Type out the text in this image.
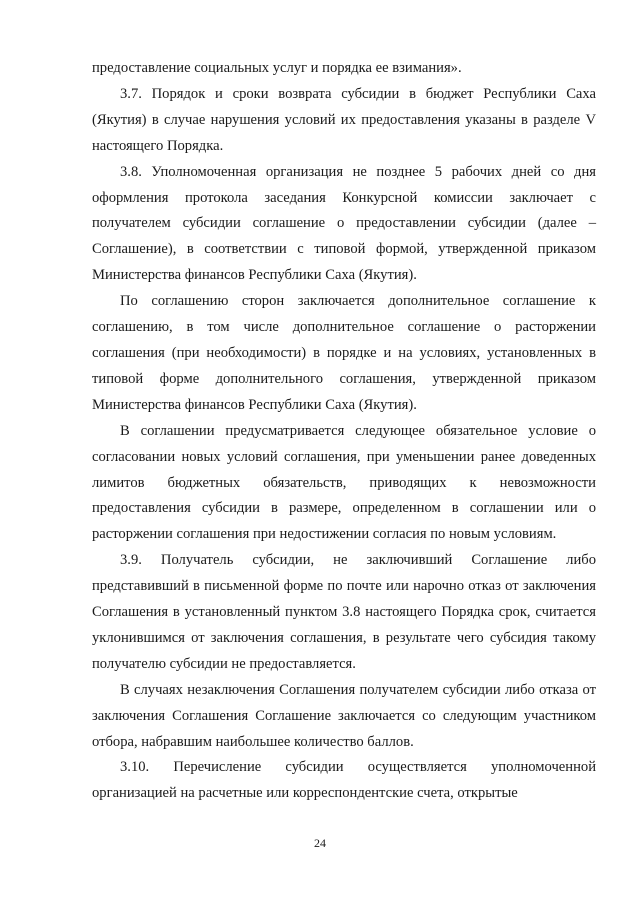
предоставление социальных услуг и порядка ее взимания».

3.7. Порядок и сроки возврата субсидии в бюджет Республики Саха (Якутия) в случае нарушения условий их предоставления указаны в разделе V настоящего Порядка.

3.8. Уполномоченная организация не позднее 5 рабочих дней со дня оформления протокола заседания Конкурсной комиссии заключает с получателем субсидии соглашение о предоставлении субсидии (далее – Соглашение), в соответствии с типовой формой, утвержденной приказом Министерства финансов Республики Саха (Якутия).

По соглашению сторон заключается дополнительное соглашение к соглашению, в том числе дополнительное соглашение о расторжении соглашения (при необходимости) в порядке и на условиях, установленных в типовой форме дополнительного соглашения, утвержденной приказом Министерства финансов Республики Саха (Якутия).

В соглашении предусматривается следующее обязательное условие о согласовании новых условий соглашения, при уменьшении ранее доведенных лимитов бюджетных обязательств, приводящих к невозможности предоставления субсидии в размере, определенном в соглашении или о расторжении соглашения при недостижении согласия по новым условиям.

3.9. Получатель субсидии, не заключивший Соглашение либо представивший в письменной форме по почте или нарочно отказ от заключения Соглашения в установленный пунктом 3.8 настоящего Порядка срок, считается уклонившимся от заключения соглашения, в результате чего субсидия такому получателю субсидии не предоставляется.

В случаях незаключения Соглашения получателем субсидии либо отказа от заключения Соглашения Соглашение заключается со следующим участником отбора, набравшим наибольшее количество баллов.

3.10. Перечисление субсидии осуществляется уполномоченной организацией на расчетные или корреспондентские счета, открытые

24
